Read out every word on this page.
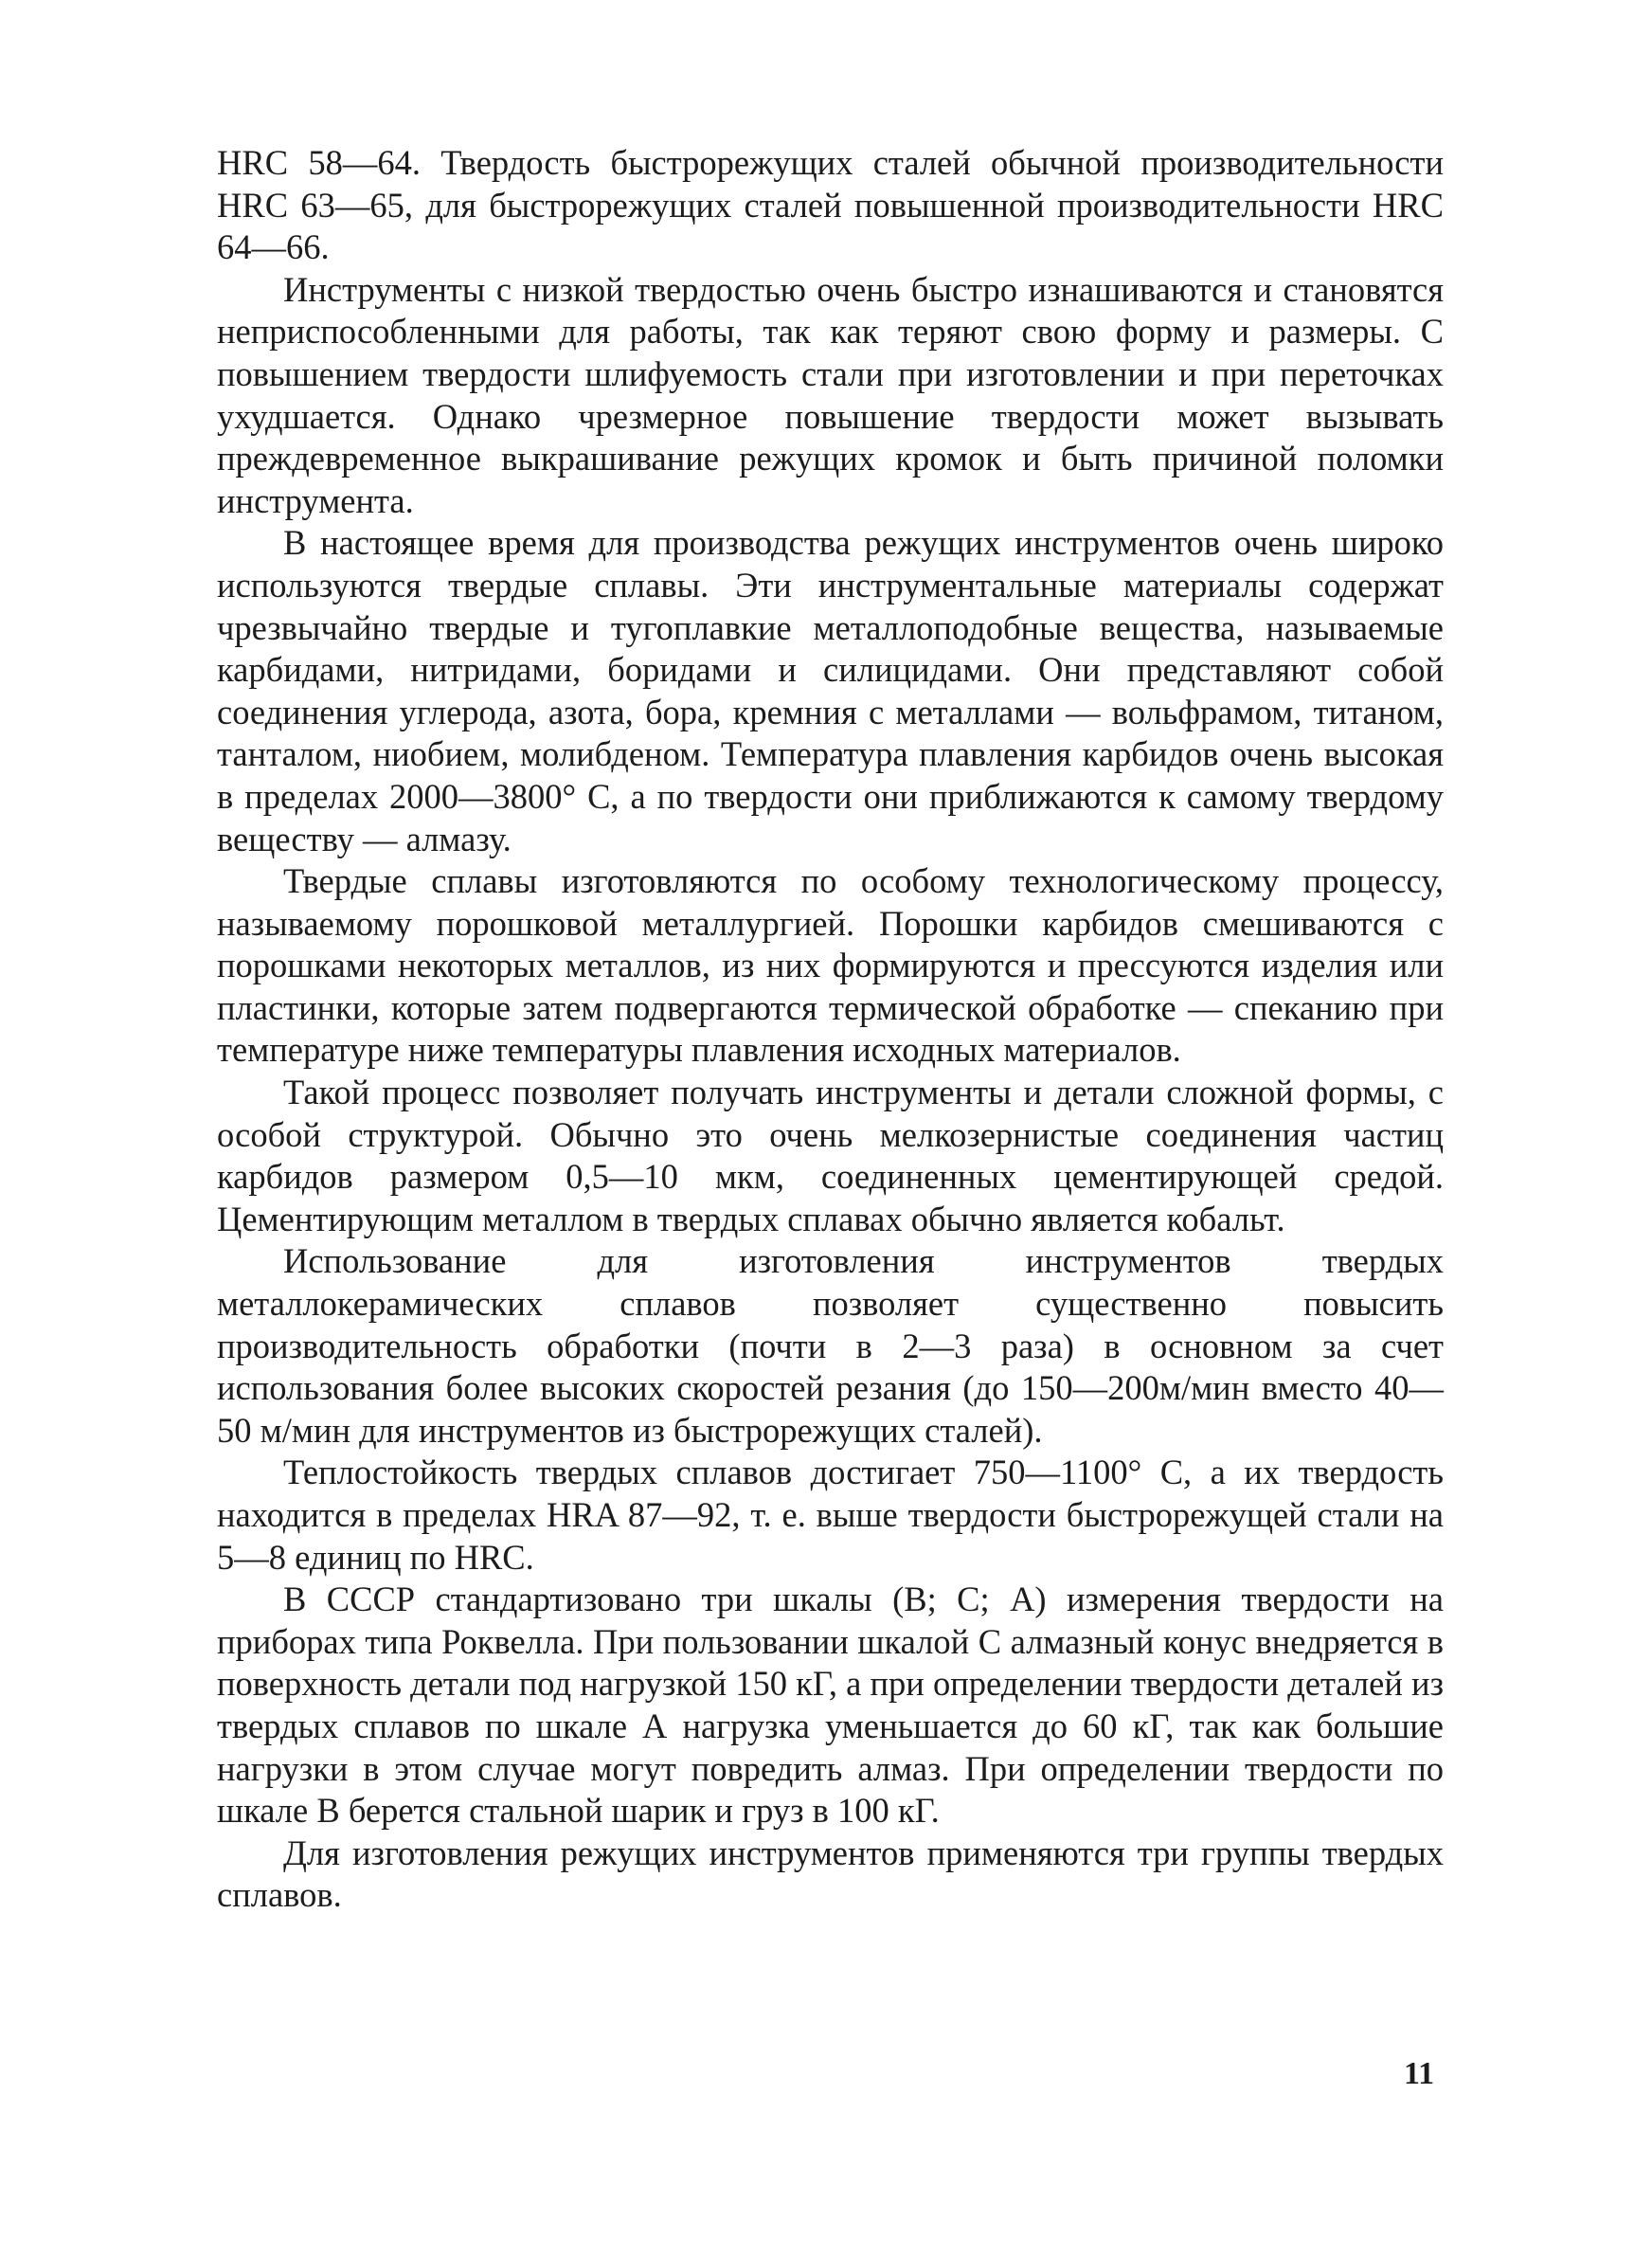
HRC 58—64. Твердость быстрорежущих сталей обычной производительности HRC 63—65, для быстрорежущих сталей повышенной производительности HRC 64—66.

Инструменты с низкой твердостью очень быстро изнашиваются и становятся неприспособленными для работы, так как теряют свою форму и размеры. С повышением твердости шлифуемость стали при изготовлении и при переточках ухудшается. Однако чрезмерное повышение твердости может вызывать преждевременное выкрашивание режущих кромок и быть причиной поломки инструмента.

В настоящее время для производства режущих инструментов очень широко используются твердые сплавы. Эти инструментальные материалы содержат чрезвычайно твердые и тугоплавкие металлоподобные вещества, называемые карбидами, нитридами, боридами и силицидами. Они представляют собой соединения углерода, азота, бора, кремния с металлами — вольфрамом, титаном, танталом, ниобием, молибденом. Температура плавления карбидов очень высокая в пределах 2000—3800° С, а по твердости они приближаются к самому твердому веществу — алмазу.

Твердые сплавы изготовляются по особому технологическому процессу, называемому порошковой металлургией. Порошки карбидов смешиваются с порошками некоторых металлов, из них формируются и прессуются изделия или пластинки, которые затем подвергаются термической обработке — спеканию при температуре ниже температуры плавления исходных материалов.

Такой процесс позволяет получать инструменты и детали сложной формы, с особой структурой. Обычно это очень мелкозернистые соединения частиц карбидов размером 0,5—10 мкм, соединенных цементирующей средой. Цементирующим металлом в твердых сплавах обычно является кобальт.

Использование для изготовления инструментов твердых металлокерамических сплавов позволяет существенно повысить производительность обработки (почти в 2—3 раза) в основном за счет использования более высоких скоростей резания (до 150—200м/мин вместо 40—50 м/мин для инструментов из быстрорежущих сталей).

Теплостойкость твердых сплавов достигает 750—1100° С, а их твердость находится в пределах HRA 87—92, т. е. выше твердости быстрорежущей стали на 5—8 единиц по HRC.

В СССР стандартизовано три шкалы (В; С; А) измерения твердости на приборах типа Роквелла. При пользовании шкалой С алмазный конус внедряется в поверхность детали под нагрузкой 150 кГ, а при определении твердости деталей из твердых сплавов по шкале А нагрузка уменьшается до 60 кГ, так как большие нагрузки в этом случае могут повредить алмаз. При определении твердости по шкале В берется стальной шарик и груз в 100 кГ.

Для изготовления режущих инструментов применяются три группы твердых сплавов.

11
